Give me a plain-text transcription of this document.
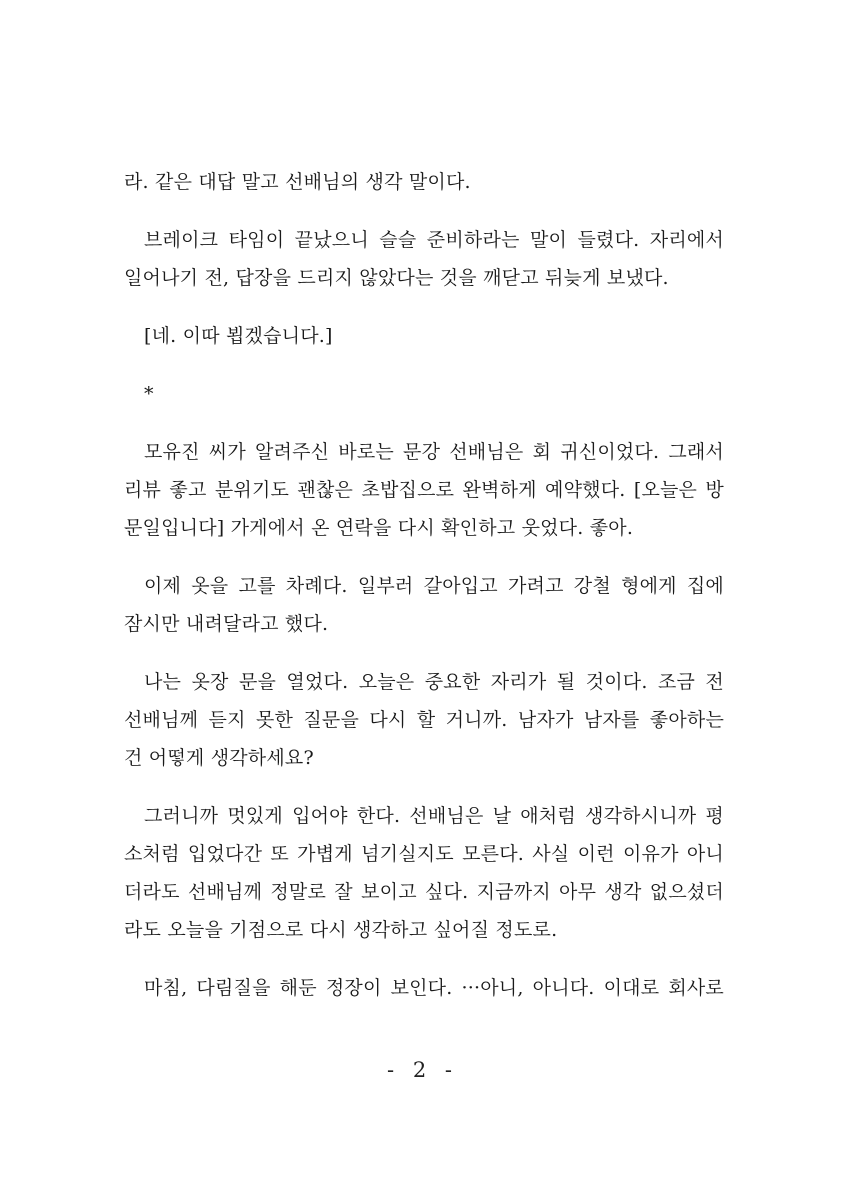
라. 같은 대답 말고 선배님의 생각 말이다.
브레이크 타임이 끝났으니 슬슬 준비하라는 말이 들렸다. 자리에서
일어나기 전, 답장을 드리지 않았다는 것을 깨닫고 뒤늦게 보냈다.
[네. 이따 뵙겠습니다.]
*
모유진 씨가 알려주신 바로는 문강 선배님은 회 귀신이었다. 그래서
리뷰 좋고 분위기도 괜찮은 초밥집으로 완벽하게 예약했다. [오늘은 방
문일입니다] 가게에서 온 연락을 다시 확인하고 웃었다. 좋아.
이제 옷을 고를 차례다. 일부러 갈아입고 가려고 강철 형에게 집에
잠시만 내려달라고 했다.
나는 옷장 문을 열었다. 오늘은 중요한 자리가 될 것이다. 조금 전
선배님께 듣지 못한 질문을 다시 할 거니까. 남자가 남자를 좋아하는
건 어떻게 생각하세요?
그러니까 멋있게 입어야 한다. 선배님은 날 애처럼 생각하시니까 평
소처럼 입었다간 또 가볍게 넘기실지도 모른다. 사실 이런 이유가 아니
더라도 선배님께 정말로 잘 보이고 싶다. 지금까지 아무 생각 없으셨더
라도 오늘을 기점으로 다시 생각하고 싶어질 정도로.
마침, 다림질을 해둔 정장이 보인다. ···아니, 아니다. 이대로 회사로
- 2 -
